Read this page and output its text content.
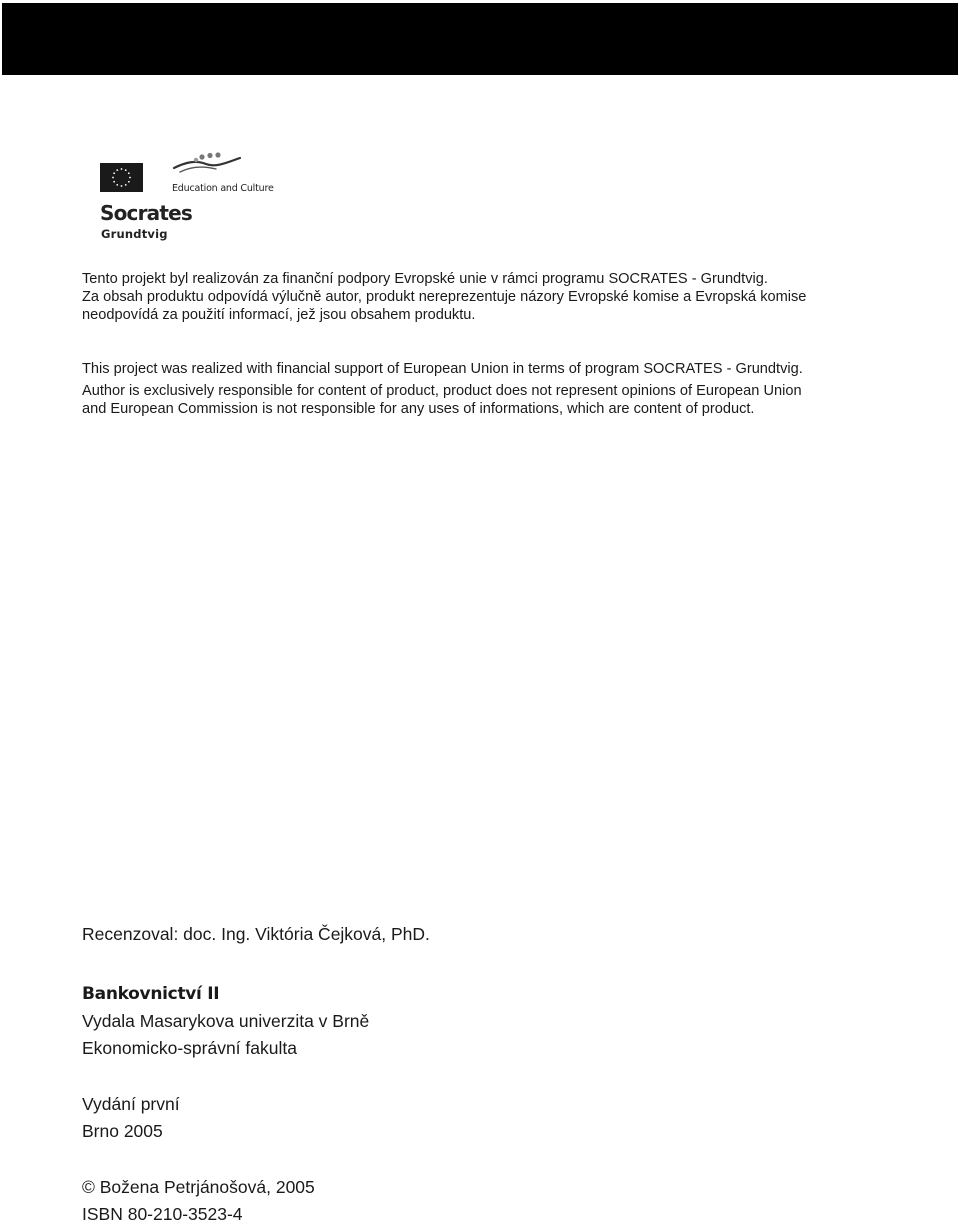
Education and Culture
Socrates
Grundtvig
Tento projekt byl realizován za finanční podpory Evropské unie v rámci programu SOCRATES - Grundtvig.
Za obsah produktu odpovídá výlučně autor, produkt nereprezentuje názory Evropské komise a Evropská komise
neodpovídá za použití informací, jež jsou obsahem produktu.
This project was realized with financial support of European Union in terms of program SOCRATES - Grundtvig.
Author is exclusively responsible for content of product, product does not represent opinions of European Union
and European Commission is not responsible for any uses of informations, which are content of product.
Recenzoval: doc. Ing. Viktória Čejková, PhD.
Bankovnictví II
Vydala Masarykova univerzita v Brně
Ekonomicko-správní fakulta
Vydání první
Brno 2005
© Božena Petrjánošová, 2005
ISBN 80-210-3523-4
